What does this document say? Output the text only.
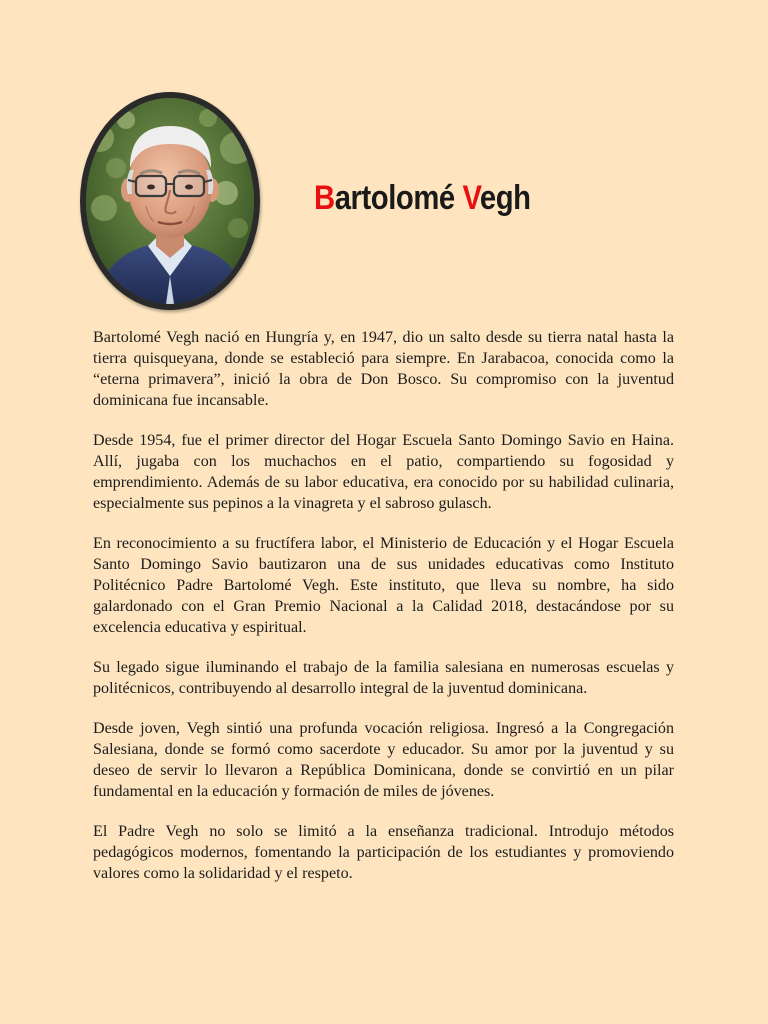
Bartolomé Vegh

Bartolomé Vegh nació en Hungría y, en 1947, dio un salto desde su tierra natal hasta la tierra quisqueyana, donde se estableció para siempre. En Jarabacoa, conocida como la “eterna primavera”, inició la obra de Don Bosco. Su compromiso con la juventud dominicana fue incansable.

Desde 1954, fue el primer director del Hogar Escuela Santo Domingo Savio en Haina. Allí, jugaba con los muchachos en el patio, compartiendo su fogosidad y emprendimiento. Además de su labor educativa, era conocido por su habilidad culinaria, especialmente sus pepinos a la vinagreta y el sabroso gulasch.

En reconocimiento a su fructífera labor, el Ministerio de Educación y el Hogar Escuela Santo Domingo Savio bautizaron una de sus unidades educativas como Instituto Politécnico Padre Bartolomé Vegh. Este instituto, que lleva su nombre, ha sido galardonado con el Gran Premio Nacional a la Calidad 2018, destacándose por su excelencia educativa y espiritual.

Su legado sigue iluminando el trabajo de la familia salesiana en numerosas escuelas y politécnicos, contribuyendo al desarrollo integral de la juventud dominicana.

Desde joven, Vegh sintió una profunda vocación religiosa. Ingresó a la Congregación Salesiana, donde se formó como sacerdote y educador. Su amor por la juventud y su deseo de servir lo llevaron a República Dominicana, donde se convirtió en un pilar fundamental en la educación y formación de miles de jóvenes.

El Padre Vegh no solo se limitó a la enseñanza tradicional. Introdujo métodos pedagógicos modernos, fomentando la participación de los estudiantes y promoviendo valores como la solidaridad y el respeto.
